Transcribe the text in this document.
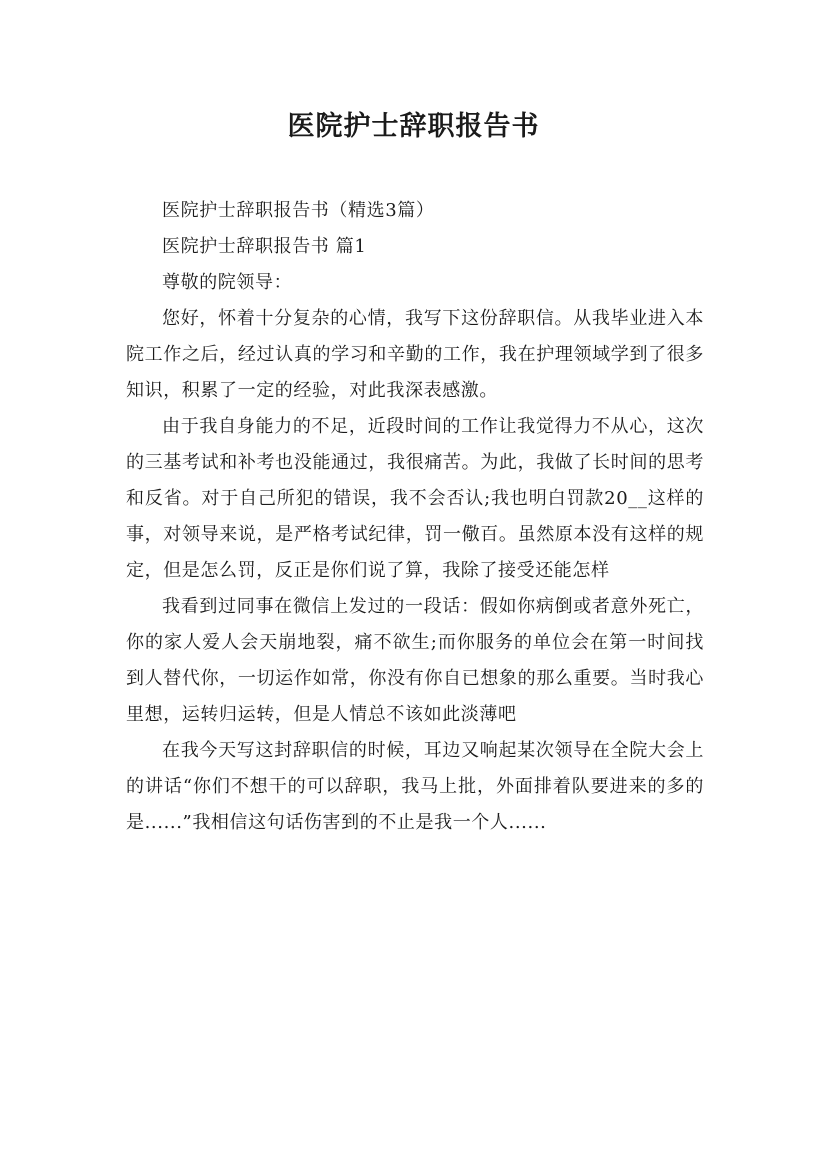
医院护士辞职报告书

医院护士辞职报告书（精选3篇）

医院护士辞职报告书 篇1

尊敬的院领导：

您好，怀着十分复杂的心情，我写下这份辞职信。从我毕业进入本院工作之后，经过认真的学习和辛勤的工作，我在护理领域学到了很多知识，积累了一定的经验，对此我深表感激。

由于我自身能力的不足，近段时间的工作让我觉得力不从心，这次的三基考试和补考也没能通过，我很痛苦。为此，我做了长时间的思考和反省。对于自己所犯的错误，我不会否认;我也明白罚款20__这样的事，对领导来说，是严格考试纪律，罚一儆百。虽然原本没有这样的规定，但是怎么罚，反正是你们说了算，我除了接受还能怎样

我看到过同事在微信上发过的一段话：假如你病倒或者意外死亡，你的家人爱人会天崩地裂，痛不欲生;而你服务的单位会在第一时间找到人替代你，一切运作如常，你没有你自已想象的那么重要。当时我心里想，运转归运转，但是人情总不该如此淡薄吧

在我今天写这封辞职信的时候，耳边又响起某次领导在全院大会上的讲话“你们不想干的可以辞职，我马上批，外面排着队要进来的多的是......”我相信这句话伤害到的不止是我一个人......
